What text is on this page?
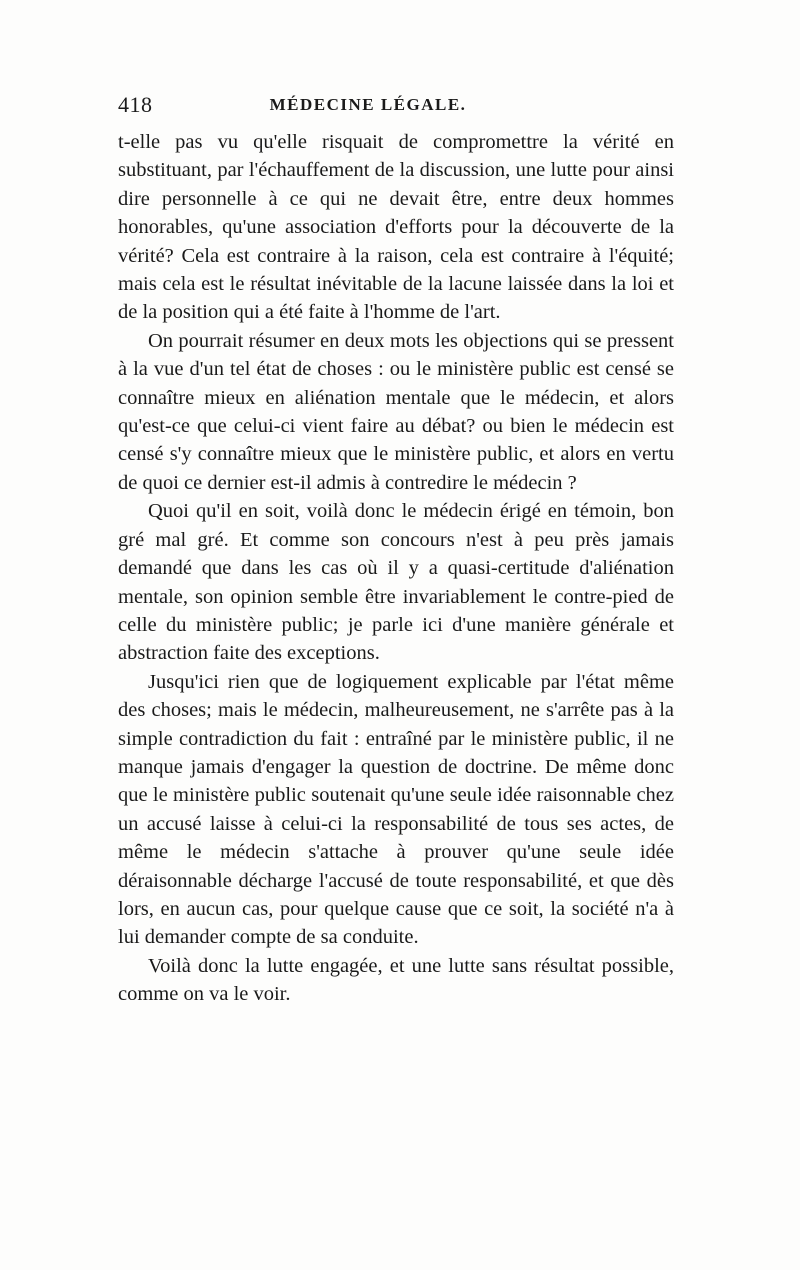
418	MÉDECINE LÉGALE.

t-elle pas vu qu'elle risquait de compromettre la vérité en substituant, par l'échauffement de la discussion, une lutte pour ainsi dire personnelle à ce qui ne devait être, entre deux hommes honorables, qu'une association d'efforts pour la découverte de la vérité? Cela est contraire à la raison, cela est contraire à l'équité; mais cela est le résultat inévitable de la lacune laissée dans la loi et de la position qui a été faite à l'homme de l'art.

On pourrait résumer en deux mots les objections qui se pressent à la vue d'un tel état de choses : ou le ministère public est censé se connaître mieux en aliénation mentale que le médecin, et alors qu'est-ce que celui-ci vient faire au débat? ou bien le médecin est censé s'y connaître mieux que le ministère public, et alors en vertu de quoi ce dernier est-il admis à contredire le médecin ?

Quoi qu'il en soit, voilà donc le médecin érigé en témoin, bon gré mal gré. Et comme son concours n'est à peu près jamais demandé que dans les cas où il y a quasi-certitude d'aliénation mentale, son opinion semble être invariablement le contre-pied de celle du ministère public; je parle ici d'une manière générale et abstraction faite des exceptions.

Jusqu'ici rien que de logiquement explicable par l'état même des choses; mais le médecin, malheureusement, ne s'arrête pas à la simple contradiction du fait : entraîné par le ministère public, il ne manque jamais d'engager la question de doctrine. De même donc que le ministère public soutenait qu'une seule idée raisonnable chez un accusé laisse à celui-ci la responsabilité de tous ses actes, de même le médecin s'attache à prouver qu'une seule idée déraisonnable décharge l'accusé de toute responsabilité, et que dès lors, en aucun cas, pour quelque cause que ce soit, la société n'a à lui demander compte de sa conduite.

Voilà donc la lutte engagée, et une lutte sans résultat possible, comme on va le voir.
